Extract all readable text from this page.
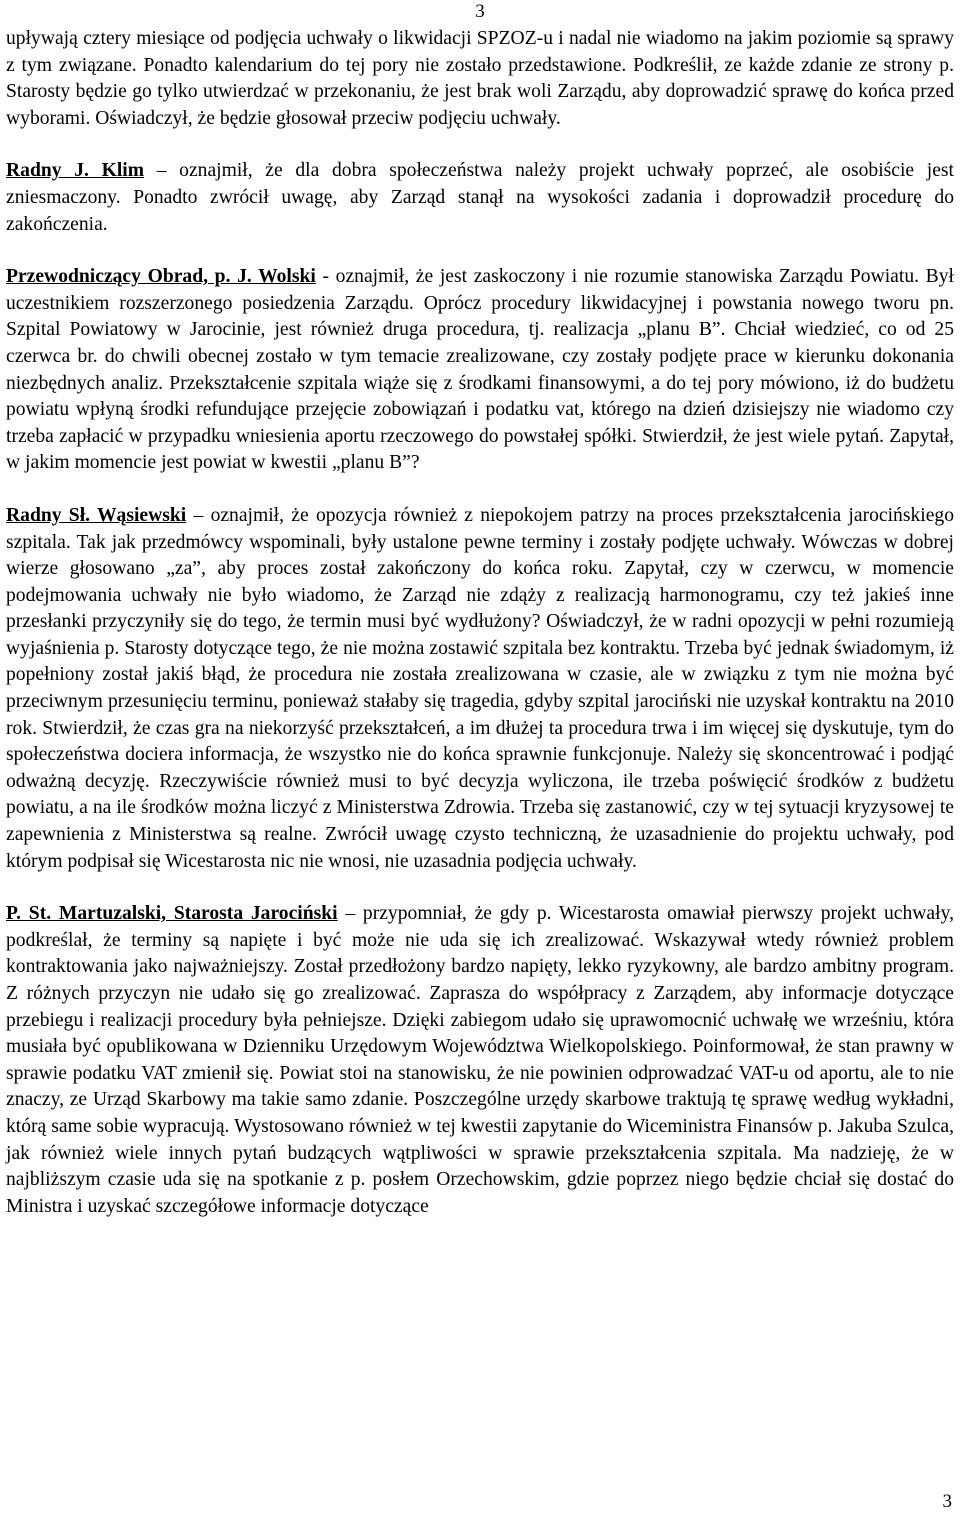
3

upływają cztery miesiące od podjęcia uchwały o likwidacji SPZOZ-u i nadal nie wiadomo na jakim poziomie są sprawy z tym związane. Ponadto kalendarium do tej pory nie zostało przedstawione. Podkreślił, ze każde zdanie ze strony p. Starosty będzie go tylko utwierdzać w przekonaniu, że jest brak woli Zarządu, aby doprowadzić sprawę do końca przed wyborami. Oświadczył, że będzie głosował przeciw podjęciu uchwały.

Radny J. Klim – oznajmił, że dla dobra społeczeństwa należy projekt uchwały poprzeć, ale osobiście jest zniesmaczony. Ponadto zwrócił uwagę, aby Zarząd stanął na wysokości zadania i doprowadził procedurę do zakończenia.

Przewodniczący Obrad, p. J. Wolski - oznajmił, że jest zaskoczony i nie rozumie stanowiska Zarządu Powiatu. Był uczestnikiem rozszerzonego posiedzenia Zarządu. Oprócz procedury likwidacyjnej i powstania nowego tworu pn. Szpital Powiatowy w Jarocinie, jest również druga procedura, tj. realizacja „planu B”. Chciał wiedzieć, co od 25 czerwca br. do chwili obecnej zostało w tym temacie zrealizowane, czy zostały podjęte prace w kierunku dokonania niezbędnych analiz. Przekształcenie szpitala wiąże się z środkami finansowymi, a do tej pory mówiono, iż do budżetu powiatu wpłyną środki refundujące przejęcie zobowiązań i podatku vat, którego na dzień dzisiejszy nie wiadomo czy trzeba zapłacić w przypadku wniesienia aportu rzeczowego do powstałej spółki. Stwierdził, że jest wiele pytań. Zapytał, w jakim momencie jest powiat w kwestii „planu B”?

Radny Sł. Wąsiewski – oznajmił, że opozycja również z niepokojem patrzy na proces przekształcenia jarocińskiego szpitala. Tak jak przedmówcy wspominali, były ustalone pewne terminy i zostały podjęte uchwały. Wówczas w dobrej wierze głosowano „za”, aby proces został zakończony do końca roku. Zapytał, czy w czerwcu, w momencie podejmowania uchwały nie było wiadomo, że Zarząd nie zdąży z realizacją harmonogramu, czy też jakieś inne przesłanki przyczyniły się do tego, że termin musi być wydłużony? Oświadczył, że w radni opozycji w pełni rozumieją wyjaśnienia p. Starosty dotyczące tego, że nie można zostawić szpitala bez kontraktu. Trzeba być jednak świadomym, iż popełniony został jakiś błąd, że procedura nie została zrealizowana w czasie, ale w związku z tym nie można być przeciwnym przesunięciu terminu, ponieważ stałaby się tragedia, gdyby szpital jarociński nie uzyskał kontraktu na 2010 rok. Stwierdził, że czas gra na niekorzyść przekształceń, a im dłużej ta procedura trwa i im więcej się dyskutuje, tym do społeczeństwa dociera informacja, że wszystko nie do końca sprawnie funkcjonuje. Należy się skoncentrować i podjąć odważną decyzję. Rzeczywiście również musi to być decyzja wyliczona, ile trzeba poświęcić środków z budżetu powiatu, a na ile środków można liczyć z Ministerstwa Zdrowia. Trzeba się zastanowić, czy w tej sytuacji kryzysowej te zapewnienia z Ministerstwa są realne. Zwrócił uwagę czysto techniczną, że uzasadnienie do projektu uchwały, pod którym podpisał się Wicestarosta nic nie wnosi, nie uzasadnia podjęcia uchwały.

P. St. Martuzalski, Starosta Jarociński – przypomniał, że gdy p. Wicestarosta omawiał pierwszy projekt uchwały, podkreślał, że terminy są napięte i być może nie uda się ich zrealizować. Wskazywał wtedy również problem kontraktowania jako najważniejszy. Został przedłożony bardzo napięty, lekko ryzykowny, ale bardzo ambitny program. Z różnych przyczyn nie udało się go zrealizować. Zaprasza do współpracy z Zarządem, aby informacje dotyczące przebiegu i realizacji procedury była pełniejsze. Dzięki zabiegom udało się uprawomocnić uchwałę we wrześniu, która musiała być opublikowana w Dzienniku Urzędowym Województwa Wielkopolskiego. Poinformował, że stan prawny w sprawie podatku VAT zmienił się. Powiat stoi na stanowisku, że nie powinien odprowadzać VAT-u od aportu, ale to nie znaczy, ze Urząd Skarbowy ma takie samo zdanie. Poszczególne urzędy skarbowe traktują tę sprawę według wykładni, którą same sobie wypracują. Wystosowano również w tej kwestii zapytanie do Wiceministra Finansów p. Jakuba Szulca, jak również wiele innych pytań budzących wątpliwości w sprawie przekształcenia szpitala. Ma nadzieję, że w najbliższym czasie uda się na spotkanie z p. posłem Orzechowskim, gdzie poprzez niego będzie chciał się dostać do Ministra i uzyskać szczegółowe informacje dotyczące

3
